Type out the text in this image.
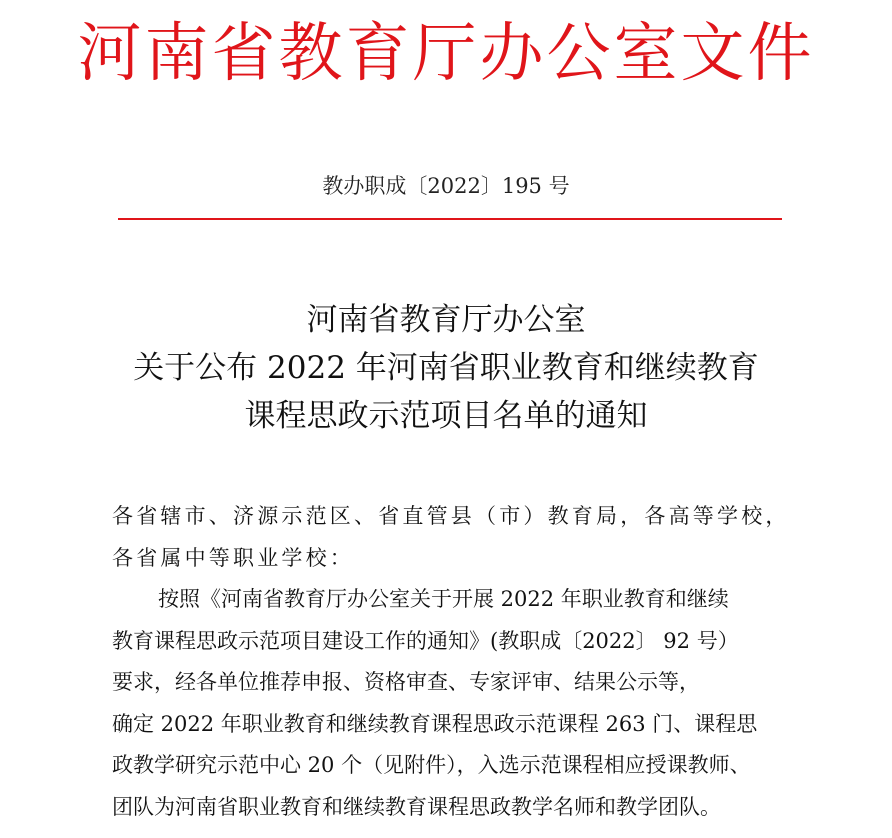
河南省教育厅办公室文件
教办职成〔2022〕195 号
河南省教育厅办公室
关于公布 2022 年河南省职业教育和继续教育
课程思政示范项目名单的通知
各省辖市、济源示范区、省直管县（市）教育局，各高等学校，
各省属中等职业学校：
按照《河南省教育厅办公室关于开展 2022 年职业教育和继续
教育课程思政示范项目建设工作的通知》(教职成〔2022〕 92 号）
要求，经各单位推荐申报、资格审查、专家评审、结果公示等，
确定 2022 年职业教育和继续教育课程思政示范课程 263 门、课程思
政教学研究示范中心 20 个（见附件），入选示范课程相应授课教师、
团队为河南省职业教育和继续教育课程思政教学名师和教学团队。
